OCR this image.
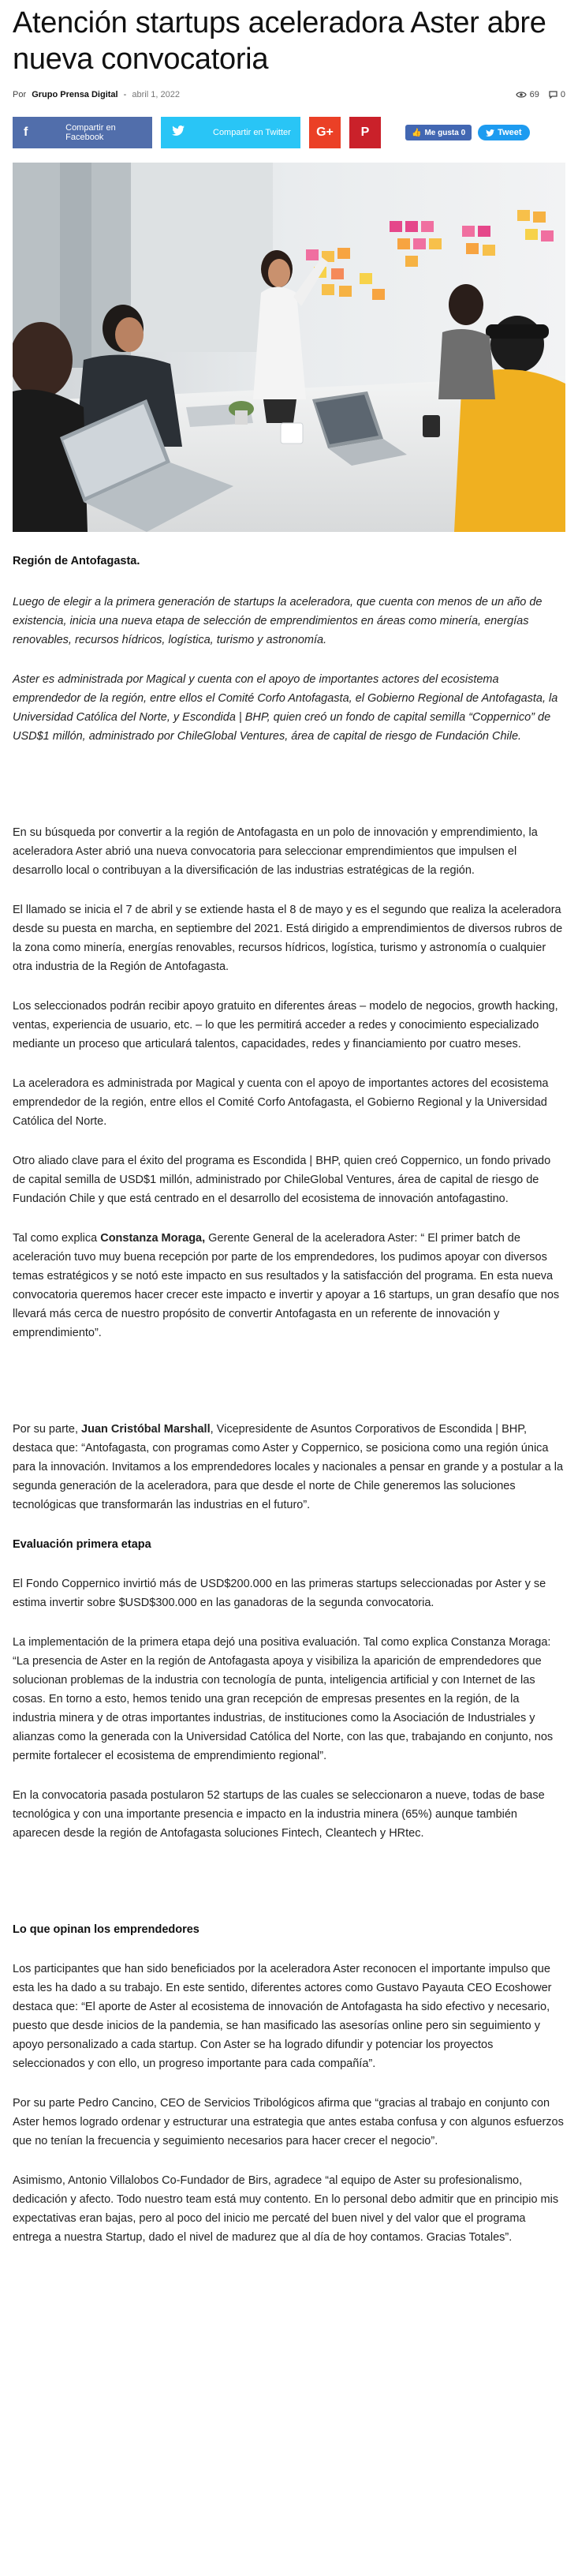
Atención startups aceleradora Aster abre nueva convocatoria
Por Grupo Prensa Digital - abril 1, 2022	69 0
f	Compartir en Facebook	Compartir en Twitter G+ P	👍 Me gusta 0	Tweet

Región de Antofagasta.

Luego de elegir a la primera generación de startups la aceleradora, que cuenta con menos de un año de existencia, inicia una nueva etapa de selección de emprendimientos en áreas como minería, energías renovables, recursos hídricos, logística, turismo y astronomía.

Aster es administrada por Magical y cuenta con el apoyo de importantes actores del ecosistema emprendedor de la región, entre ellos el Comité Corfo Antofagasta, el Gobierno Regional de Antofagasta, la Universidad Católica del Norte, y Escondida | BHP, quien creó un fondo de capital semilla “Coppernico” de USD$1 millón, administrado por ChileGlobal Ventures, área de capital de riesgo de Fundación Chile.

En su búsqueda por convertir a la región de Antofagasta en un polo de innovación y emprendimiento, la aceleradora Aster abrió una nueva convocatoria para seleccionar emprendimientos que impulsen el desarrollo local o contribuyan a la diversificación de las industrias estratégicas de la región.

El llamado se inicia el 7 de abril y se extiende hasta el 8 de mayo y es el segundo que realiza la aceleradora desde su puesta en marcha, en septiembre del 2021. Está dirigido a emprendimientos de diversos rubros de la zona como minería, energías renovables, recursos hídricos, logística, turismo y astronomía o cualquier otra industria de la Región de Antofagasta.

Los seleccionados podrán recibir apoyo gratuito en diferentes áreas – modelo de negocios, growth hacking, ventas, experiencia de usuario, etc. – lo que les permitirá acceder a redes y conocimiento especializado mediante un proceso que articulará talentos, capacidades, redes y financiamiento por cuatro meses.

La aceleradora es administrada por Magical y cuenta con el apoyo de importantes actores del ecosistema emprendedor de la región, entre ellos el Comité Corfo Antofagasta, el Gobierno Regional y la Universidad Católica del Norte.

Otro aliado clave para el éxito del programa es Escondida | BHP, quien creó Coppernico, un fondo privado de capital semilla de USD$1 millón, administrado por ChileGlobal Ventures, área de capital de riesgo de Fundación Chile y que está centrado en el desarrollo del ecosistema de innovación antofagastino.

Tal como explica Constanza Moraga, Gerente General de la aceleradora Aster: “ El primer batch de aceleración tuvo muy buena recepción por parte de los emprendedores, los pudimos apoyar con diversos temas estratégicos y se notó este impacto en sus resultados y la satisfacción del programa. En esta nueva convocatoria queremos hacer crecer este impacto e invertir y apoyar a 16 startups, un gran desafío que nos llevará más cerca de nuestro propósito de convertir Antofagasta en un referente de innovación y emprendimiento”.

Por su parte, Juan Cristóbal Marshall, Vicepresidente de Asuntos Corporativos de Escondida | BHP, destaca que: “Antofagasta, con programas como Aster y Coppernico, se posiciona como una región única para la innovación. Invitamos a los emprendedores locales y nacionales a pensar en grande y a postular a la segunda generación de la aceleradora, para que desde el norte de Chile generemos las soluciones tecnológicas que transformarán las industrias en el futuro”.

Evaluación primera etapa

El Fondo Coppernico invirtió más de USD$200.000 en las primeras startups seleccionadas por Aster y se estima invertir sobre $USD$300.000 en las ganadoras de la segunda convocatoria.

La implementación de la primera etapa dejó una positiva evaluación. Tal como explica Constanza Moraga: “La presencia de Aster en la región de Antofagasta apoya y visibiliza la aparición de emprendedores que solucionan problemas de la industria con tecnología de punta, inteligencia artificial y con Internet de las cosas. En torno a esto, hemos tenido una gran recepción de empresas presentes en la región, de la industria minera y de otras importantes industrias, de instituciones como la Asociación de Industriales y alianzas como la generada con la Universidad Católica del Norte, con las que, trabajando en conjunto, nos permite fortalecer el ecosistema de emprendimiento regional”.

En la convocatoria pasada postularon 52 startups de las cuales se seleccionaron a nueve, todas de base tecnológica y con una importante presencia e impacto en la industria minera (65%) aunque también aparecen desde la región de Antofagasta soluciones Fintech, Cleantech y HRtec.

Lo que opinan los emprendedores

Los participantes que han sido beneficiados por la aceleradora Aster reconocen el importante impulso que esta les ha dado a su trabajo. En este sentido, diferentes actores como Gustavo Payauta CEO Ecoshower destaca que: “El aporte de Aster al ecosistema de innovación de Antofagasta ha sido efectivo y necesario, puesto que desde inicios de la pandemia, se han masificado las asesorías online pero sin seguimiento y apoyo personalizado a cada startup. Con Aster se ha logrado difundir y potenciar los proyectos seleccionados y con ello, un progreso importante para cada compañía”.

Por su parte Pedro Cancino, CEO de Servicios Tribológicos afirma que “gracias al trabajo en conjunto con Aster hemos logrado ordenar y estructurar una estrategia que antes estaba confusa y con algunos esfuerzos que no tenían la frecuencia y seguimiento necesarios para hacer crecer el negocio”.

Asimismo, Antonio Villalobos Co-Fundador de Birs, agradece “al equipo de Aster su profesionalismo, dedicación y afecto. Todo nuestro team está muy contento. En lo personal debo admitir que en principio mis expectativas eran bajas, pero al poco del inicio me percaté del buen nivel y del valor que el programa entrega a nuestra Startup, dado el nivel de madurez que al día de hoy contamos. Gracias Totales”.
